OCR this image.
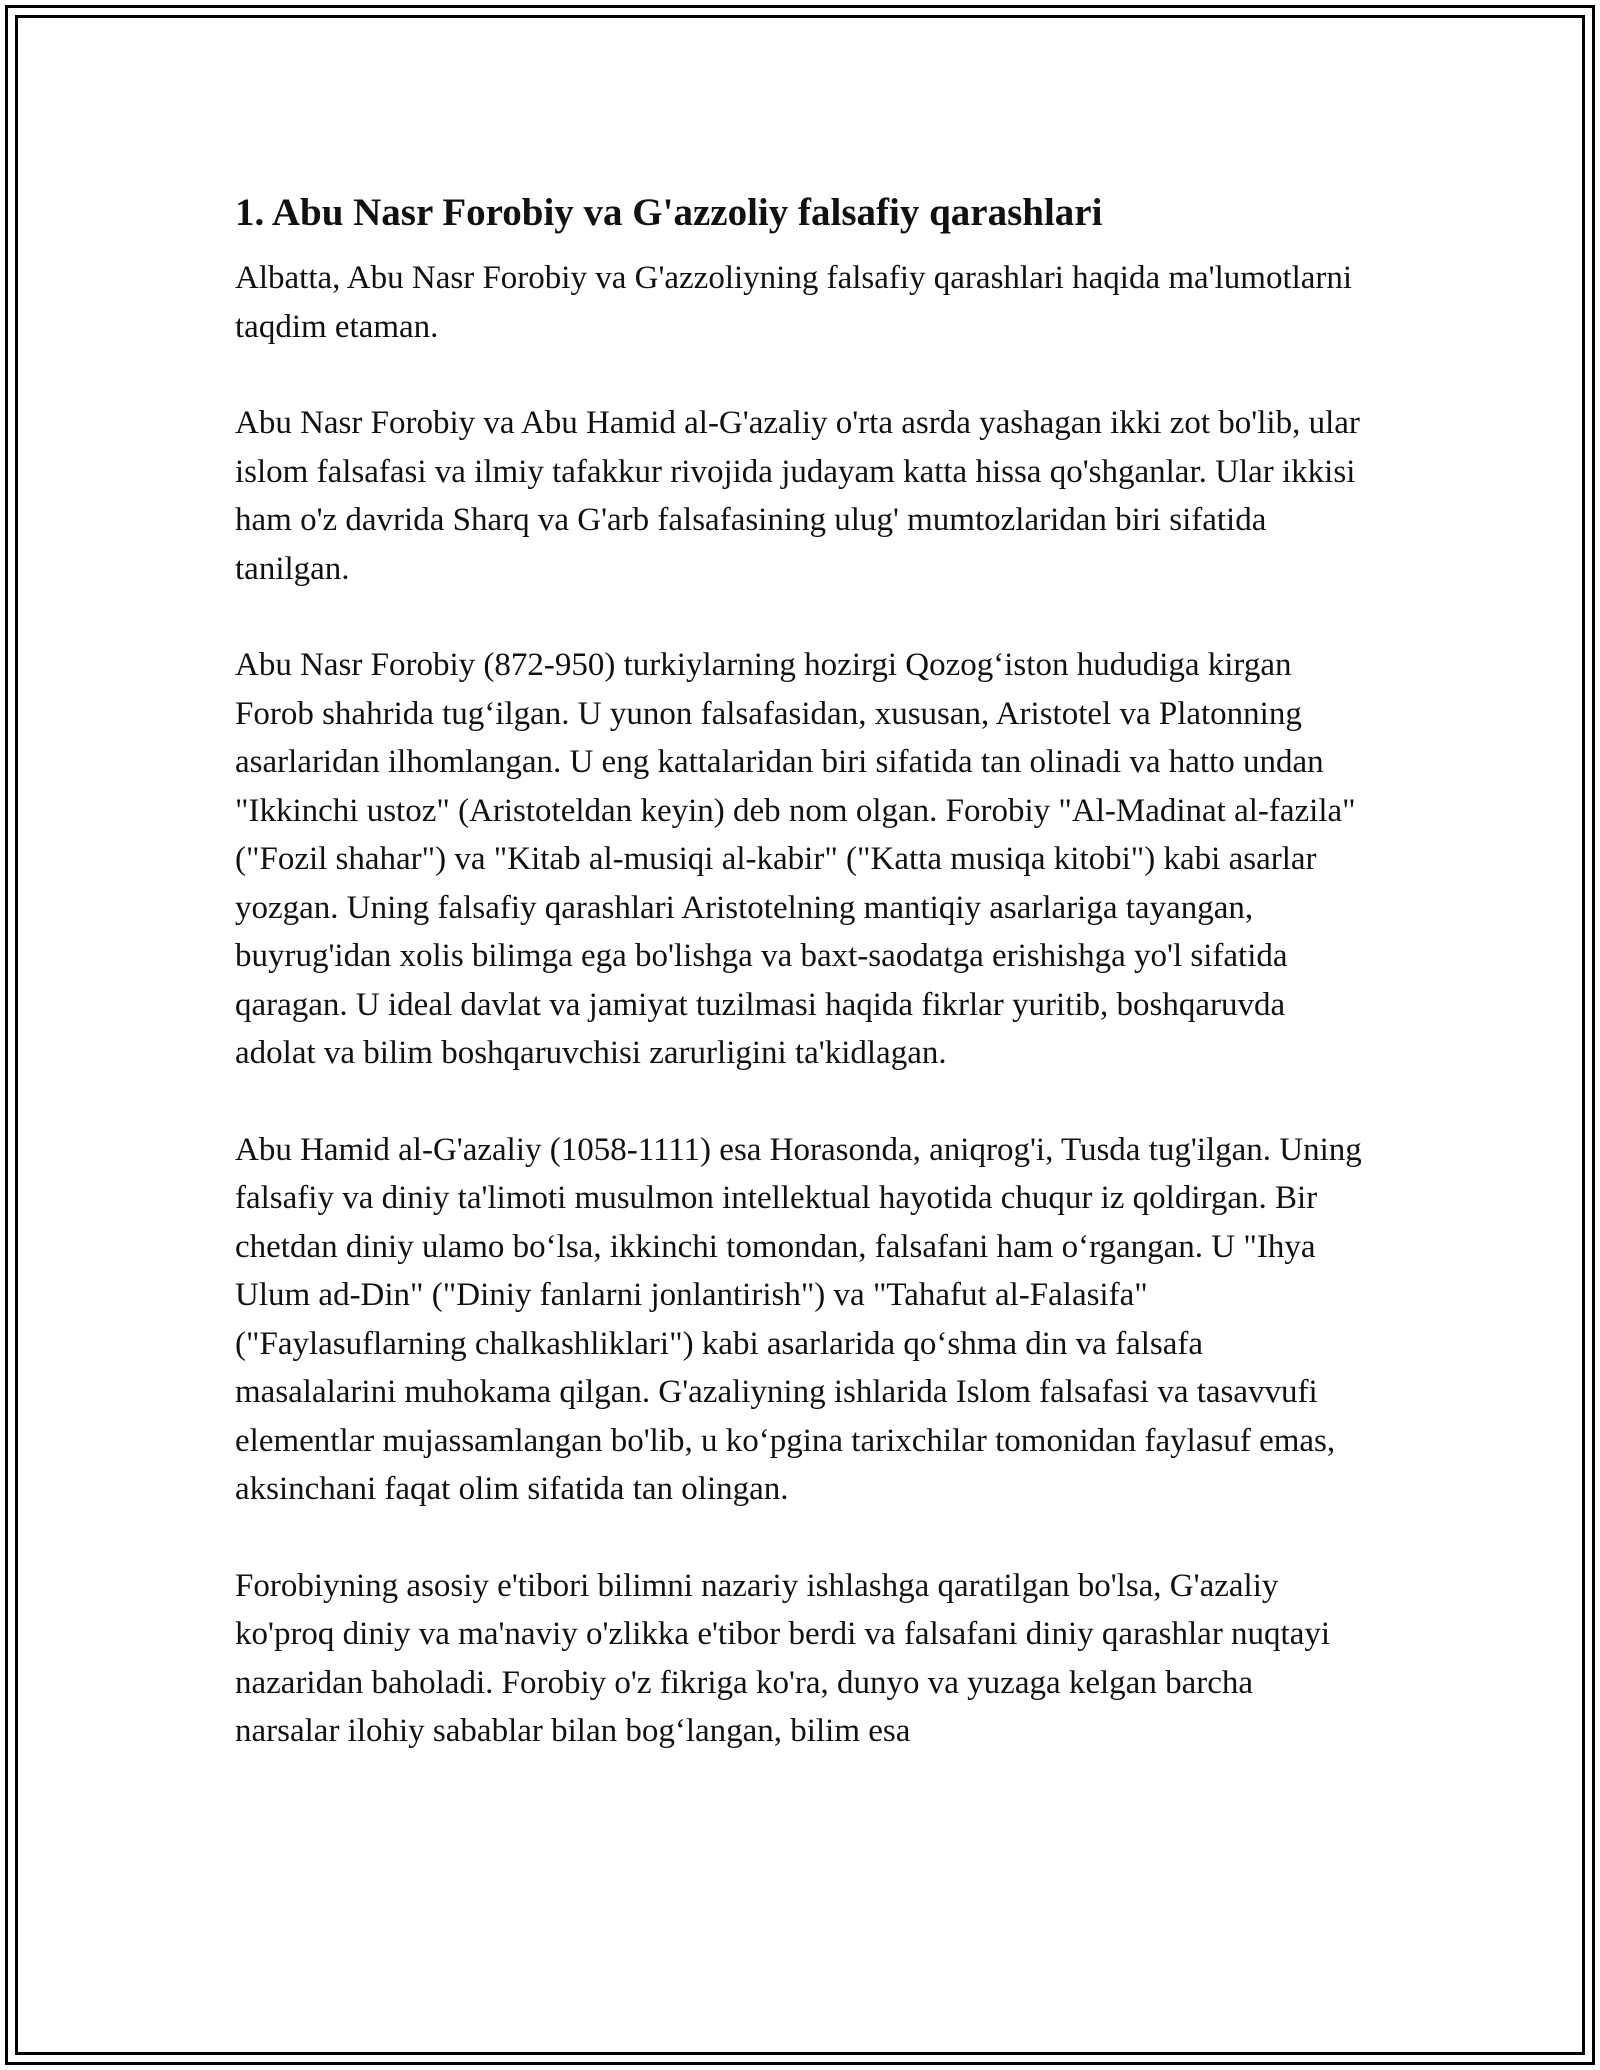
1. Abu Nasr Forobiy va G'azzoliy falsafiy qarashlari

Albatta, Abu Nasr Forobiy va G'azzoliyning falsafiy qarashlari haqida ma'lumotlarni taqdim etaman.

Abu Nasr Forobiy va Abu Hamid al-G'azaliy o'rta asrda yashagan ikki zot bo'lib, ular islom falsafasi va ilmiy tafakkur rivojida judayam katta hissa qo'shganlar. Ular ikkisi ham o'z davrida Sharq va G'arb falsafasining ulug' mumtozlaridan biri sifatida tanilgan.

Abu Nasr Forobiy (872-950) turkiylarning hozirgi Qozog‘iston hududiga kirgan Forob shahrida tug‘ilgan. U yunon falsafasidan, xususan, Aristotel va Platonning asarlaridan ilhomlangan. U eng kattalaridan biri sifatida tan olinadi va hatto undan "Ikkinchi ustoz" (Aristoteldan keyin) deb nom olgan. Forobiy "Al-Madinat al-fazila" ("Fozil shahar") va "Kitab al-musiqi al-kabir" ("Katta musiqa kitobi") kabi asarlar yozgan. Uning falsafiy qarashlari Aristotelning mantiqiy asarlariga tayangan, buyrug'idan xolis bilimga ega bo'lishga va baxt-saodatga erishishga yo'l sifatida qaragan. U ideal davlat va jamiyat tuzilmasi haqida fikrlar yuritib, boshqaruvda adolat va bilim boshqaruvchisi zarurligini ta'kidlagan.

Abu Hamid al-G'azaliy (1058-1111) esa Horasonda, aniqrog'i, Tusda tug'ilgan. Uning falsafiy va diniy ta'limoti musulmon intellektual hayotida chuqur iz qoldirgan. Bir chetdan diniy ulamo bo‘lsa, ikkinchi tomondan, falsafani ham o‘rgangan. U "Ihya Ulum ad-Din" ("Diniy fanlarni jonlantirish") va "Tahafut al-Falasifa" ("Faylasuflarning chalkashliklari") kabi asarlarida qo‘shma din va falsafa masalalarini muhokama qilgan. G'azaliyning ishlarida Islom falsafasi va tasavvufi elementlar mujassamlangan bo'lib, u ko‘pgina tarixchilar tomonidan faylasuf emas, aksinchani faqat olim sifatida tan olingan.

Forobiyning asosiy e'tibori bilimni nazariy ishlashga qaratilgan bo'lsa, G'azaliy ko'proq diniy va ma'naviy o'zlikka e'tibor berdi va falsafani diniy qarashlar nuqtayi nazaridan baholadi. Forobiy o'z fikriga ko'ra, dunyo va yuzaga kelgan barcha narsalar ilohiy sabablar bilan bog‘langan, bilim esa
